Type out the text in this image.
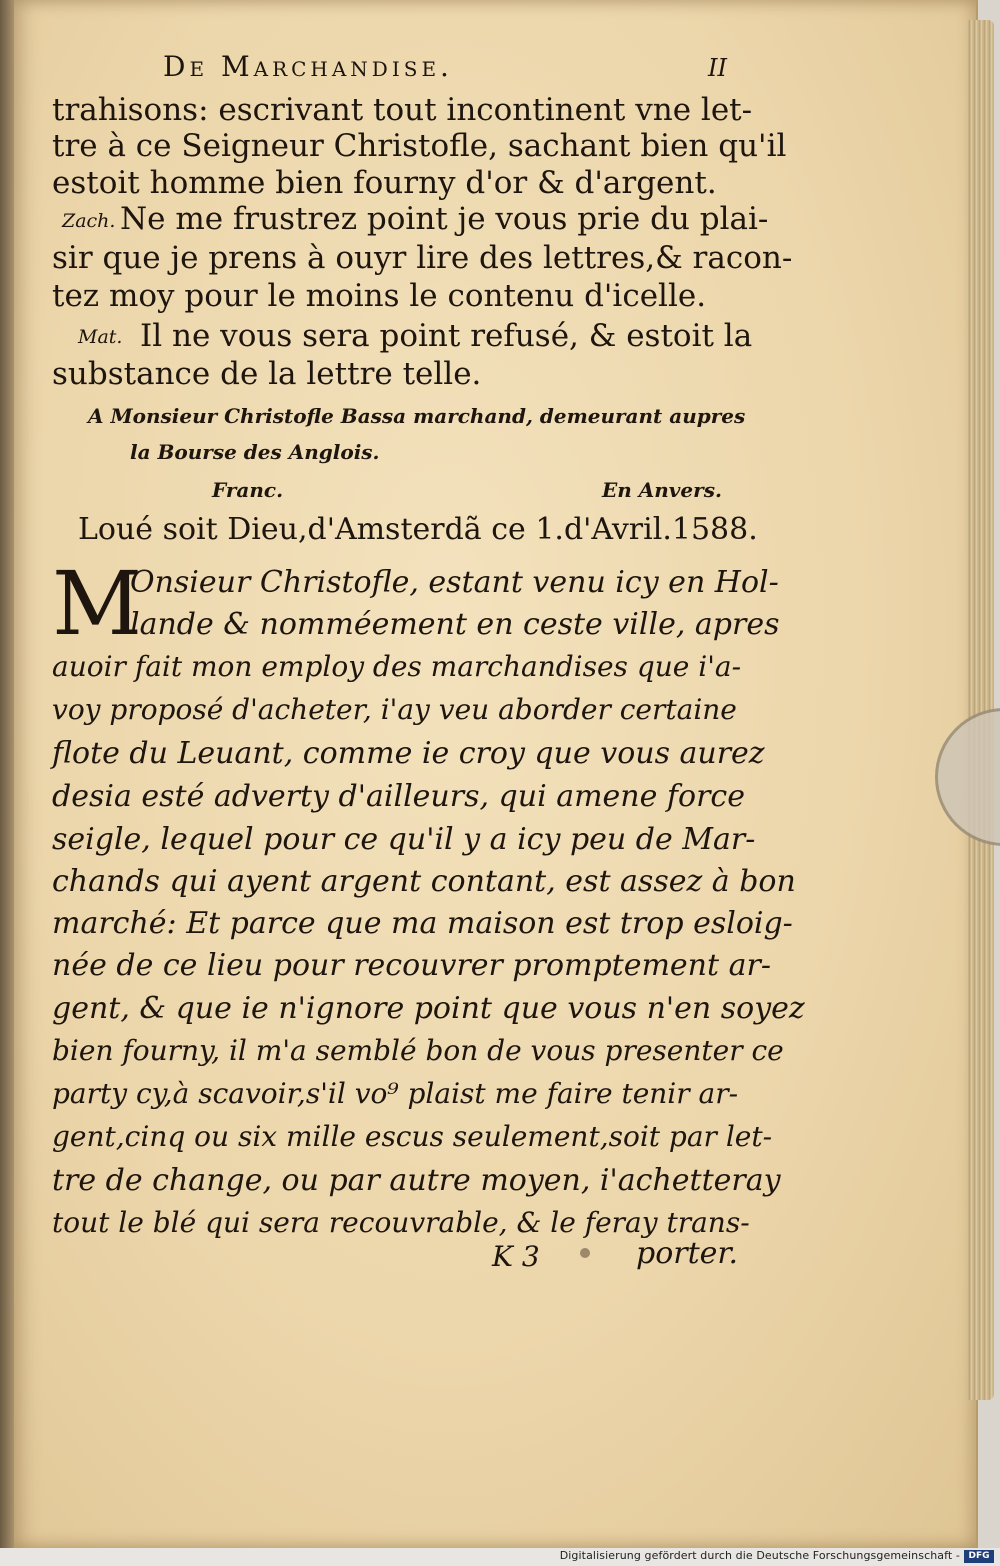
De Marchandise.	II
trahisons: escrivant tout incontinent vne let-
tre à ce Seigneur Christofle, sachant bien qu'il
estoit homme bien fourny d'or & d'argent.
Zach. Ne me frustrez point je vous prie du plai-
sir que je prens à ouyr lire des lettres,& racon-
tez moy pour le moins le contenu d'icelle.
Mat. Il ne vous sera point refusé, & estoit la
substance de la lettre telle.
A Monsieur Christofle Bassa marchand, demeurant aupres
la Bourse des Anglois.
Franc.	En Anvers.
Loué soit Dieu,d'Amsterdã ce 1.d'Avril.1588.
M
Onsieur Christofle, estant venu icy en Hol-
lande & nomméement en ceste ville, apres
auoir fait mon employ des marchandises que i'a-
voy proposé d'acheter, i'ay veu aborder certaine
flote du Leuant, comme ie croy que vous aurez
desia esté adverty d'ailleurs, qui amene force
seigle, lequel pour ce qu'il y a icy peu de Mar-
chands qui ayent argent contant, est assez à bon
marché: Et parce que ma maison est trop esloig-
née de ce lieu pour recouvrer promptement ar-
gent, & que ie n'ignore point que vous n'en soyez
bien fourny, il m'a semblé bon de vous presenter ce
party cy,à scavoir,s'il vo⁹ plaist me faire tenir ar-
gent,cinq ou six mille escus seulement,soit par let-
tre de change, ou par autre moyen, i'achetteray
tout le blé qui sera recouvrable, & le feray trans-
K 3	porter.
Digitalisierung gefördert durch die Deutsche Forschungsgemeinschaft - DFG
